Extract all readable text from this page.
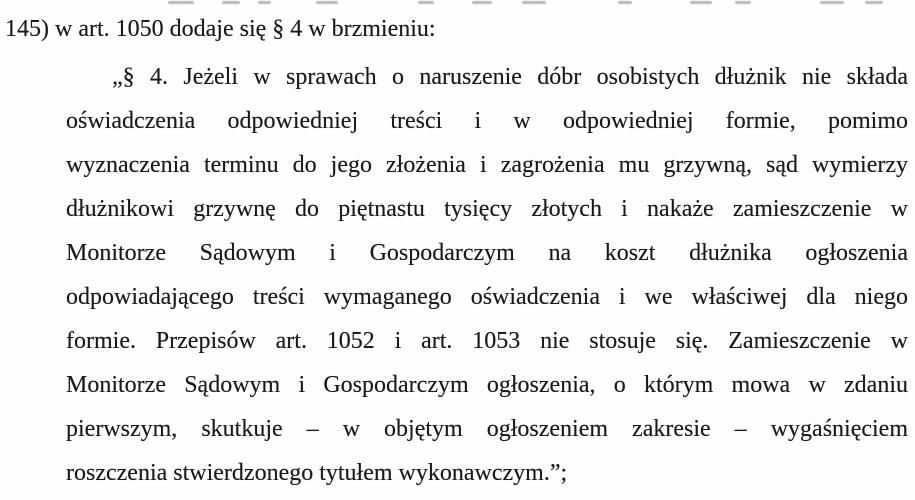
145) w art. 1050 dodaje się § 4 w brzmieniu:
„§ 4. Jeżeli w sprawach o naruszenie dóbr osobistych dłużnik nie składa
oświadczenia odpowiedniej treści i w odpowiedniej formie, pomimo
wyznaczenia terminu do jego złożenia i zagrożenia mu grzywną, sąd wymierzy
dłużnikowi grzywnę do piętnastu tysięcy złotych i nakaże zamieszczenie w
Monitorze Sądowym i Gospodarczym na koszt dłużnika ogłoszenia
odpowiadającego treści wymaganego oświadczenia i we właściwej dla niego
formie. Przepisów art. 1052 i art. 1053 nie stosuje się. Zamieszczenie w
Monitorze Sądowym i Gospodarczym ogłoszenia, o którym mowa w zdaniu
pierwszym, skutkuje – w objętym ogłoszeniem zakresie – wygaśnięciem
roszczenia stwierdzonego tytułem wykonawczym.”;
